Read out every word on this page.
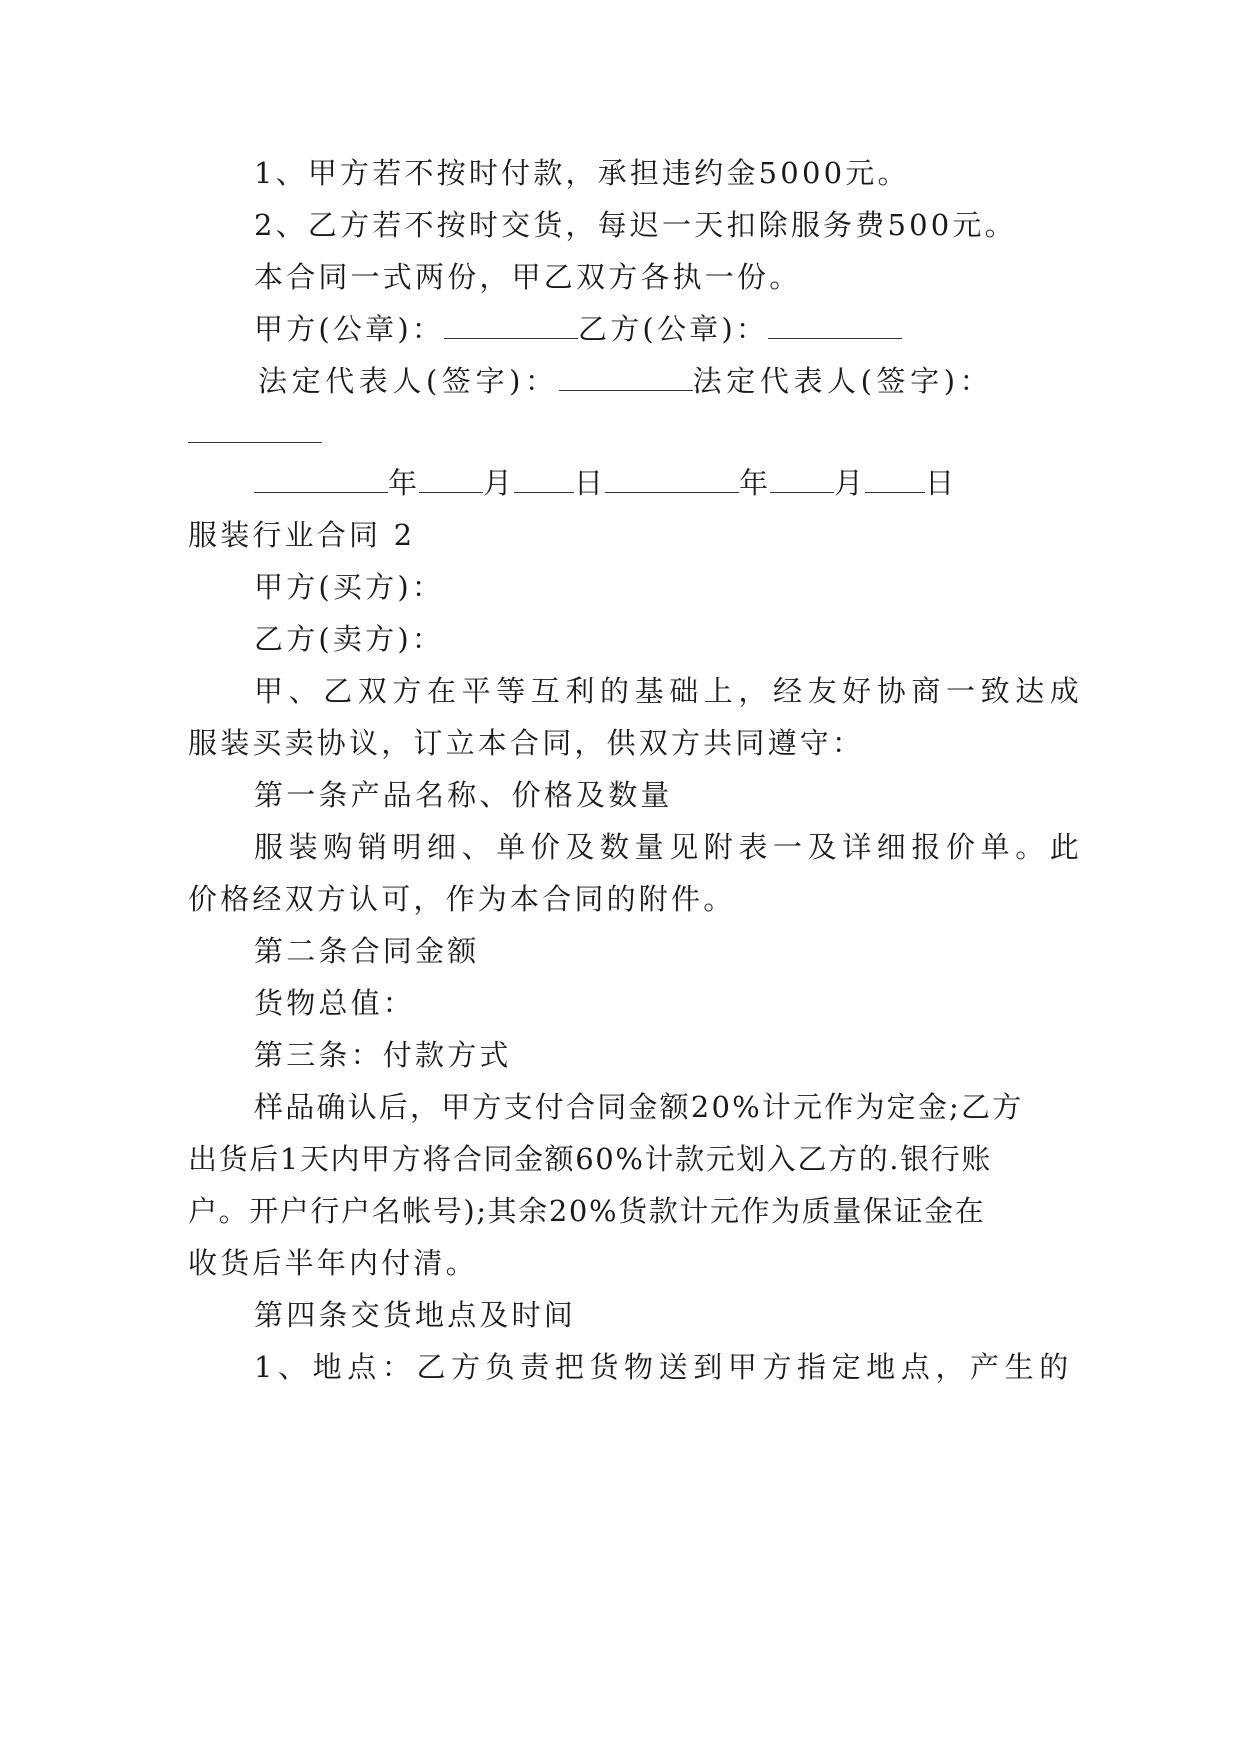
1、甲方若不按时付款，承担违约金5000元。
2、乙方若不按时交货，每迟一天扣除服务费500元。
本合同一式两份，甲乙双方各执一份。
甲方(公章)：	乙方(公章)：
法定代表人(签字)：	法定代表人(签字)：
年 月 日	年 月 日
服装行业合同 2
甲方(买方)：
乙方(卖方)：
甲、乙双方在平等互利的基础上，经友好协商一致达成
服装买卖协议，订立本合同，供双方共同遵守：
第一条产品名称、价格及数量
服装购销明细、单价及数量见附表一及详细报价单。此
价格经双方认可，作为本合同的附件。
第二条合同金额
货物总值：
第三条：付款方式
样品确认后，甲方支付合同金额20%计元作为定金;乙方
出货后1天内甲方将合同金额60%计款元划入乙方的.银行账
户。开户行户名帐号);其余20%货款计元作为质量保证金在
收货后半年内付清。
第四条交货地点及时间
1、地点：乙方负责把货物送到甲方指定地点，产生的
